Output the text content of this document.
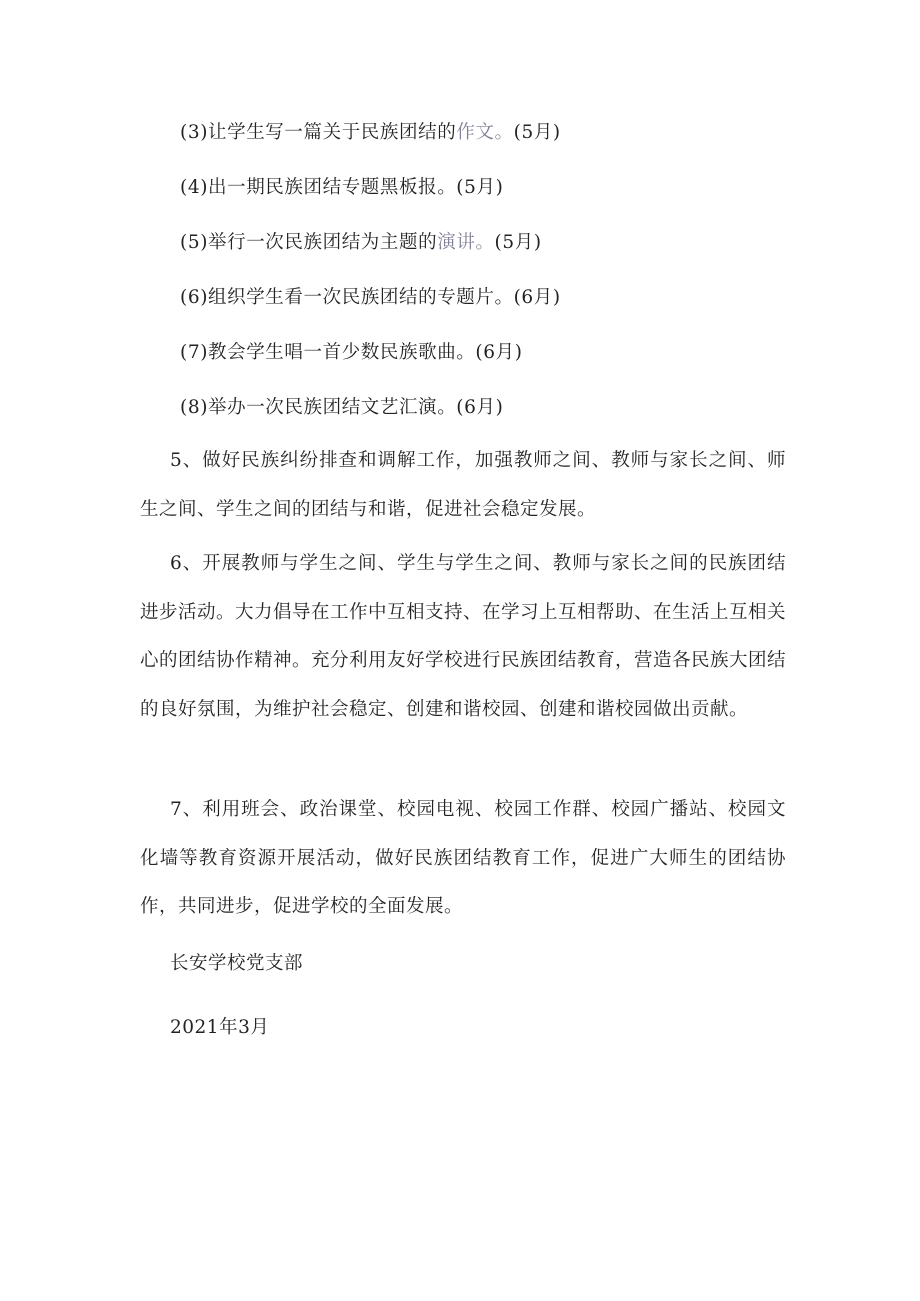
(3)让学生写一篇关于民族团结的作文。(5月)
(4)出一期民族团结专题黑板报。(5月)
(5)举行一次民族团结为主题的演讲。(5月)
(6)组织学生看一次民族团结的专题片。(6月)
(7)教会学生唱一首少数民族歌曲。(6月)
(8)举办一次民族团结文艺汇演。(6月)

5、做好民族纠纷排查和调解工作，加强教师之间、教师与家长之间、师生之间、学生之间的团结与和谐，促进社会稳定发展。

6、开展教师与学生之间、学生与学生之间、教师与家长之间的民族团结进步活动。大力倡导在工作中互相支持、在学习上互相帮助、在生活上互相关心的团结协作精神。充分利用友好学校进行民族团结教育，营造各民族大团结的良好氛围，为维护社会稳定、创建和谐校园、创建和谐校园做出贡献。

7、利用班会、政治课堂、校园电视、校园工作群、校园广播站、校园文化墙等教育资源开展活动，做好民族团结教育工作，促进广大师生的团结协作，共同进步，促进学校的全面发展。

长安学校党支部
2021年3月
